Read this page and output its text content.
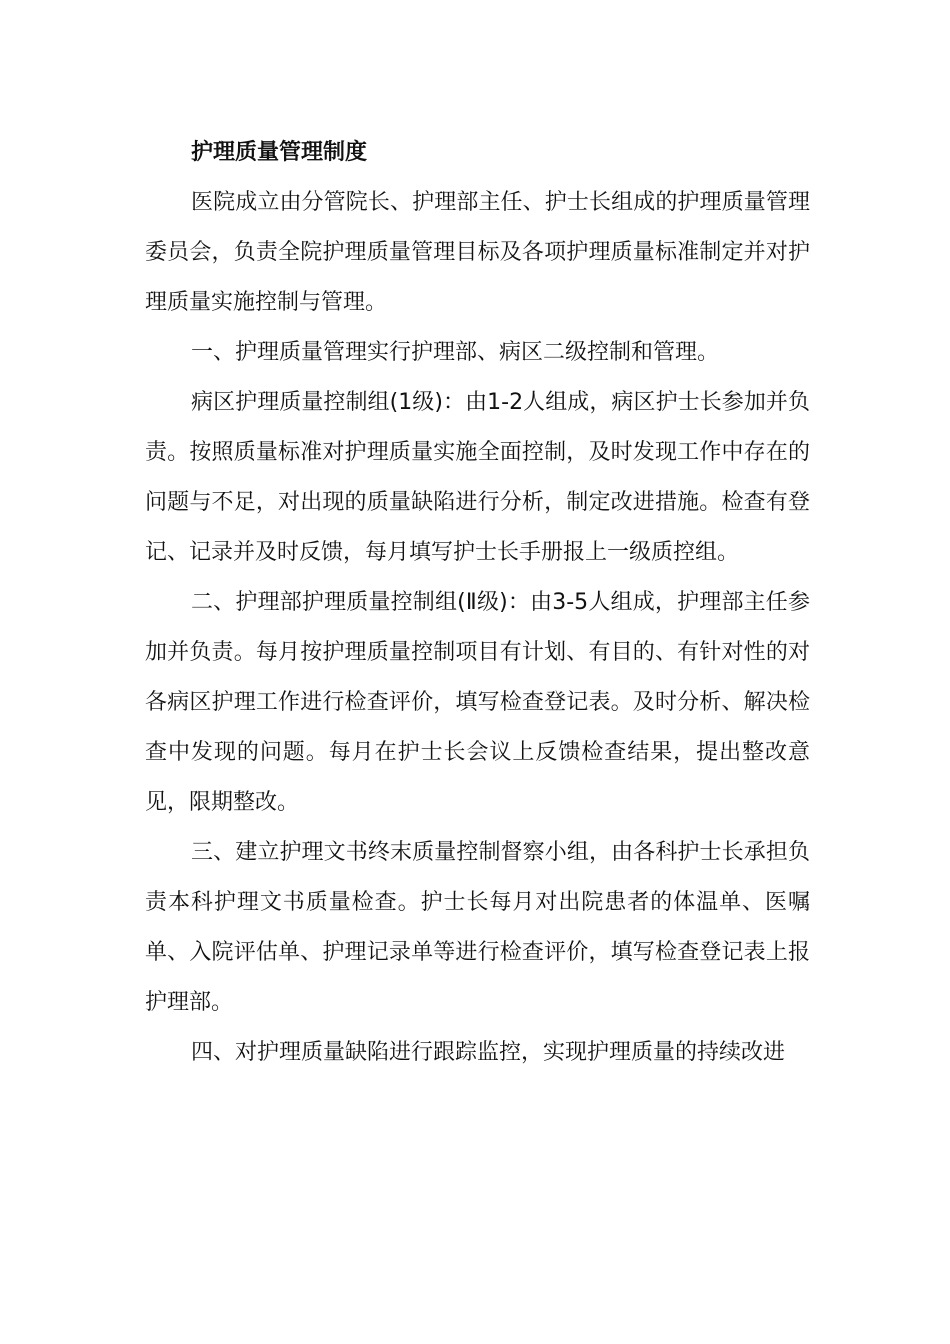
护理质量管理制度

医院成立由分管院长、护理部主任、护士长组成的护理质量管理委员会，负责全院护理质量管理目标及各项护理质量标准制定并对护理质量实施控制与管理。

一、护理质量管理实行护理部、病区二级控制和管理。

病区护理质量控制组(1级)：由1-2人组成，病区护士长参加并负责。按照质量标准对护理质量实施全面控制，及时发现工作中存在的问题与不足，对出现的质量缺陷进行分析，制定改进措施。检查有登记、记录并及时反馈，每月填写护士长手册报上一级质控组。

二、护理部护理质量控制组(Ⅱ级)：由3-5人组成，护理部主任参加并负责。每月按护理质量控制项目有计划、有目的、有针对性的对各病区护理工作进行检查评价，填写检查登记表。及时分析、解决检查中发现的问题。每月在护士长会议上反馈检查结果，提出整改意见，限期整改。

三、建立护理文书终末质量控制督察小组，由各科护士长承担负责本科护理文书质量检查。护士长每月对出院患者的体温单、医嘱单、入院评估单、护理记录单等进行检查评价，填写检查登记表上报护理部。

四、对护理质量缺陷进行跟踪监控，实现护理质量的持续改进
